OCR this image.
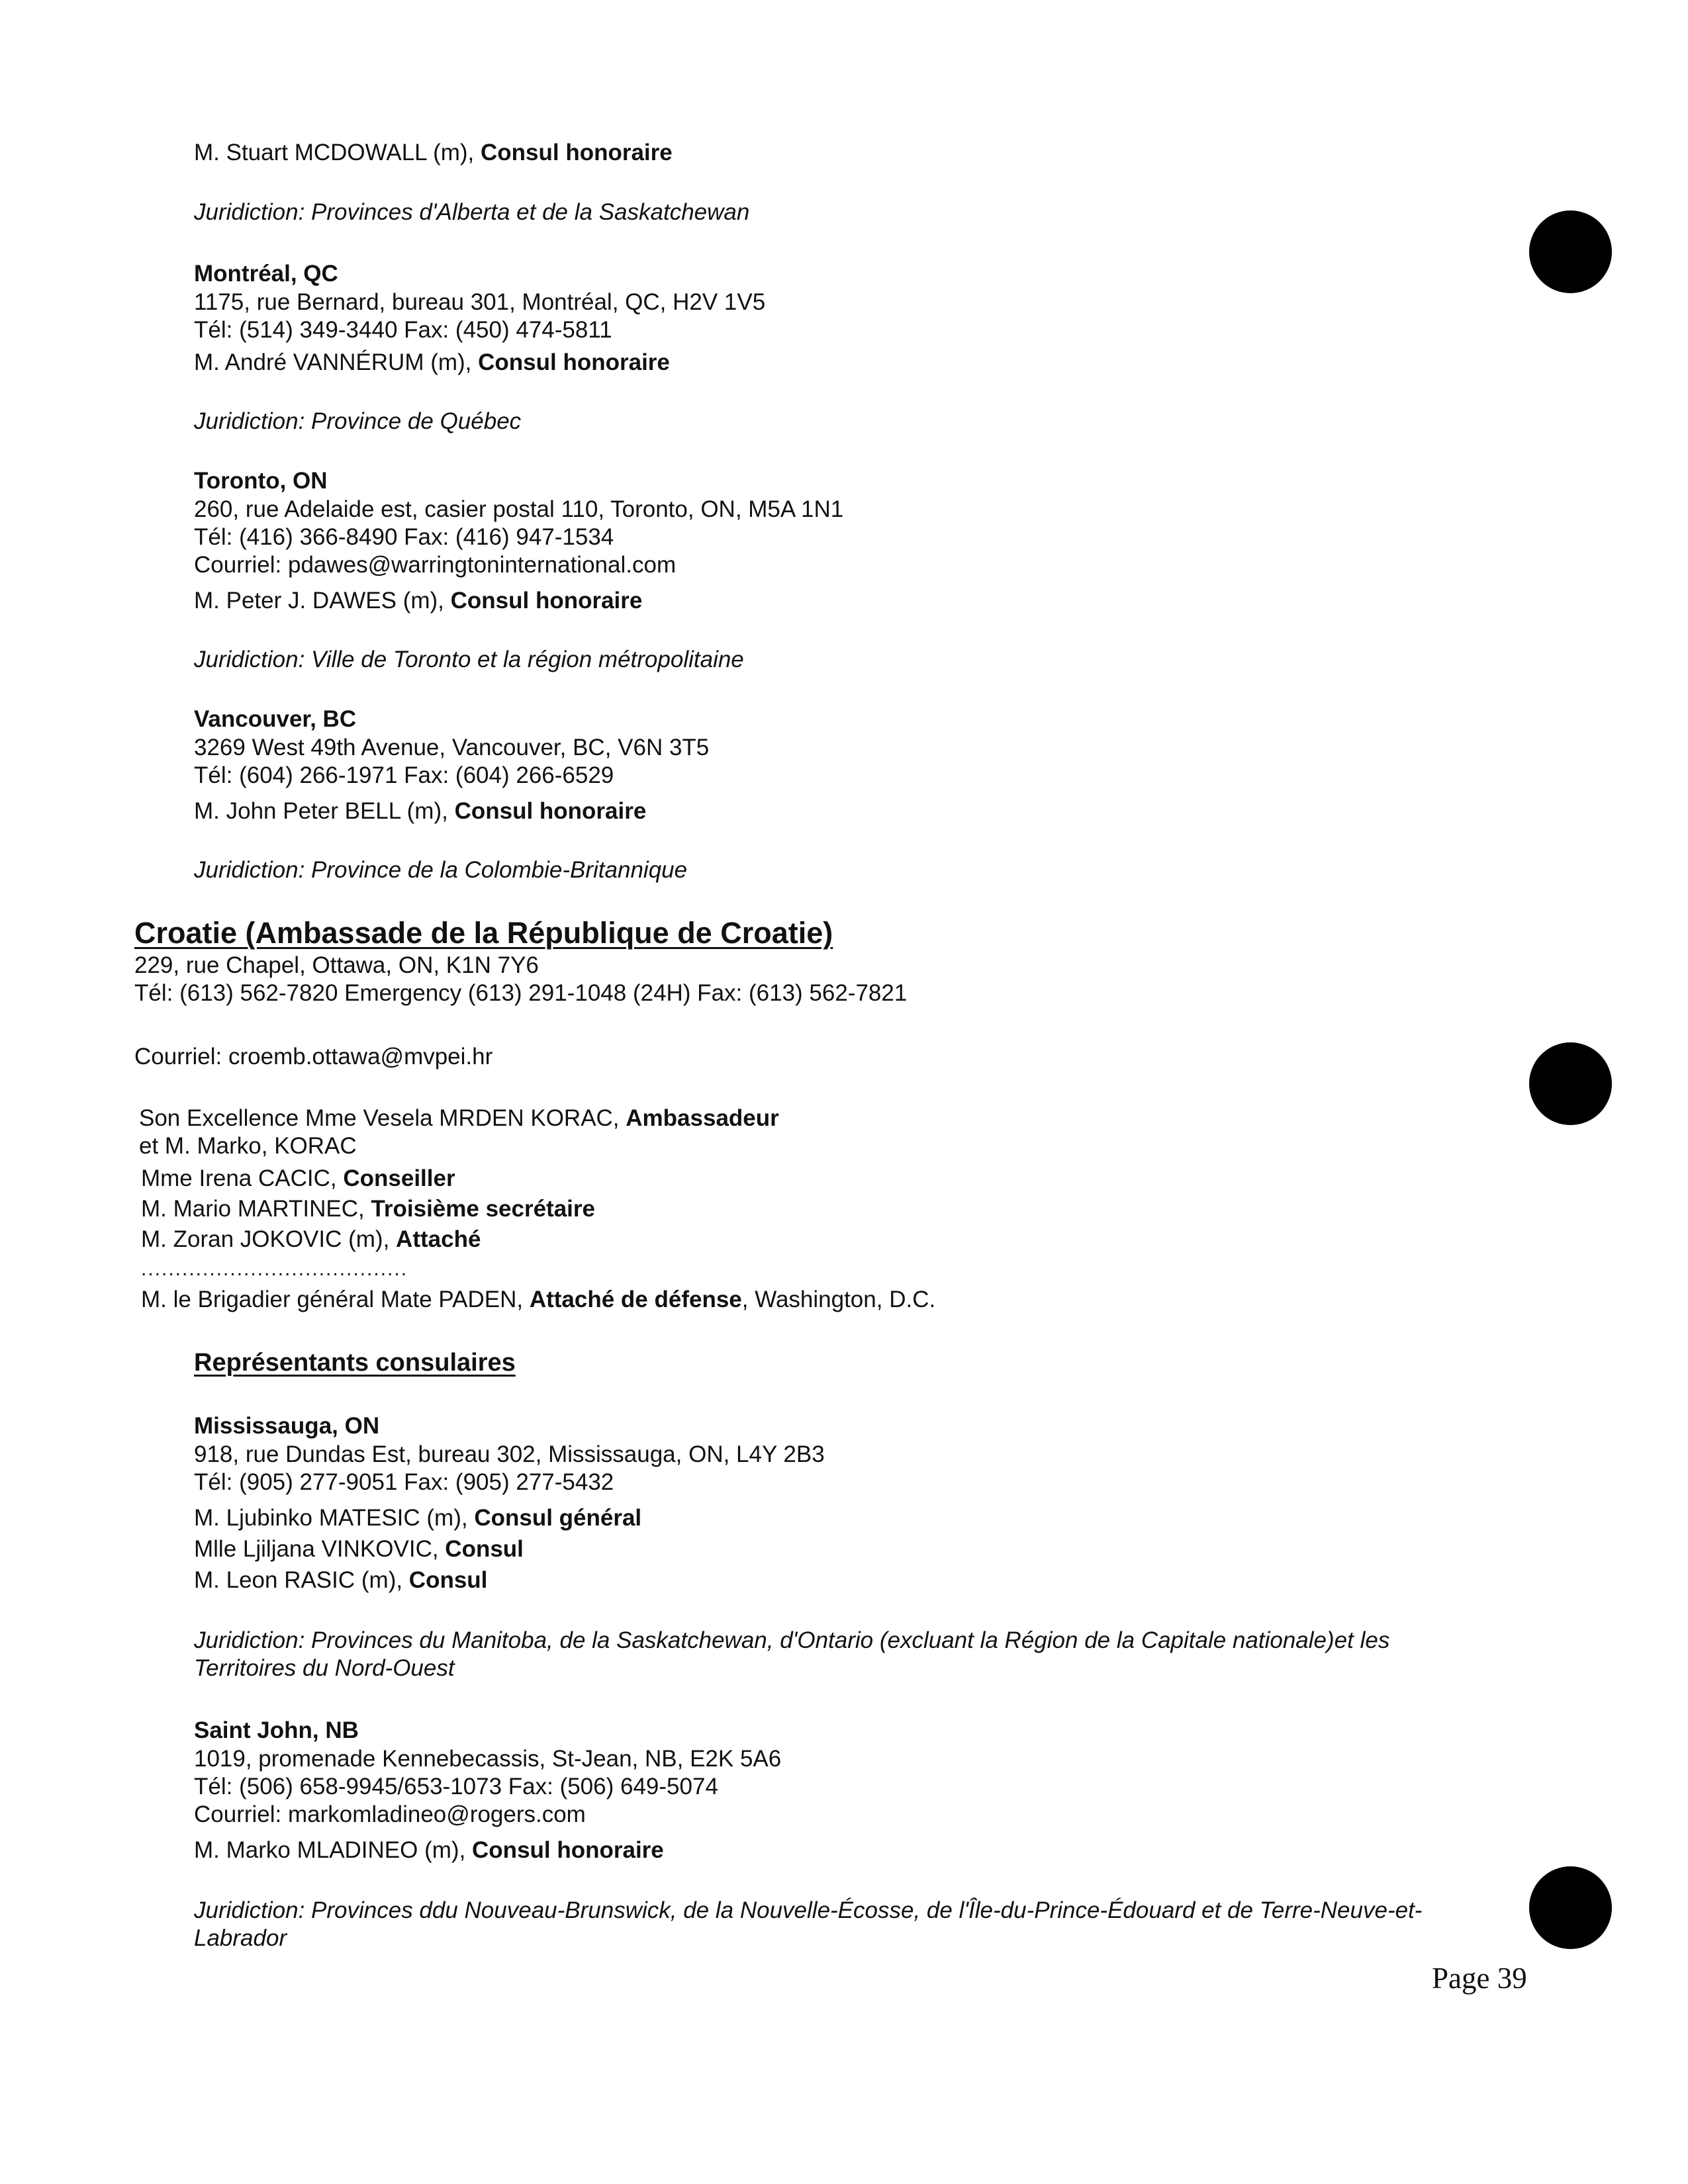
M. Stuart MCDOWALL (m), Consul honoraire
Juridiction: Provinces d'Alberta et de la Saskatchewan
Montréal, QC
1175, rue Bernard, bureau 301, Montréal, QC, H2V 1V5
Tél: (514) 349-3440 Fax: (450) 474-5811
M. André VANNÉRUM (m), Consul honoraire
Juridiction: Province de Québec
Toronto, ON
260, rue Adelaide est, casier postal 110, Toronto, ON, M5A 1N1
Tél: (416) 366-8490 Fax: (416) 947-1534
Courriel: pdawes@warringtoninternational.com
M. Peter J. DAWES (m), Consul honoraire
Juridiction: Ville de Toronto et la région métropolitaine
Vancouver, BC
3269 West 49th Avenue, Vancouver, BC, V6N 3T5
Tél: (604) 266-1971 Fax: (604) 266-6529
M. John Peter BELL (m), Consul honoraire
Juridiction: Province de la Colombie-Britannique
Croatie (Ambassade de la République de Croatie)
229, rue Chapel, Ottawa, ON, K1N 7Y6
Tél: (613) 562-7820 Emergency (613) 291-1048 (24H) Fax: (613) 562-7821
Courriel: croemb.ottawa@mvpei.hr
Son Excellence Mme Vesela MRDEN KORAC, Ambassadeur
et M. Marko, KORAC
Mme Irena CACIC, Conseiller
M. Mario MARTINEC, Troisième secrétaire
M. Zoran JOKOVIC (m), Attaché
.......................................
M. le Brigadier général Mate PADEN, Attaché de défense, Washington, D.C.
Représentants consulaires
Mississauga, ON
918, rue Dundas Est, bureau 302, Mississauga, ON, L4Y 2B3
Tél: (905) 277-9051 Fax: (905) 277-5432
M. Ljubinko MATESIC (m), Consul général
Mlle Ljiljana VINKOVIC, Consul
M. Leon RASIC (m), Consul
Juridiction: Provinces du Manitoba, de la Saskatchewan, d'Ontario (excluant la Région de la Capitale nationale)et les Territoires du Nord-Ouest
Saint John, NB
1019, promenade Kennebecassis, St-Jean, NB, E2K 5A6
Tél: (506) 658-9945/653-1073 Fax: (506) 649-5074
Courriel: markomladineo@rogers.com
M. Marko MLADINEO (m), Consul honoraire
Juridiction: Provinces ddu Nouveau-Brunswick, de la Nouvelle-Écosse, de l'Île-du-Prince-Édouard et de Terre-Neuve-et-Labrador
Page 39
